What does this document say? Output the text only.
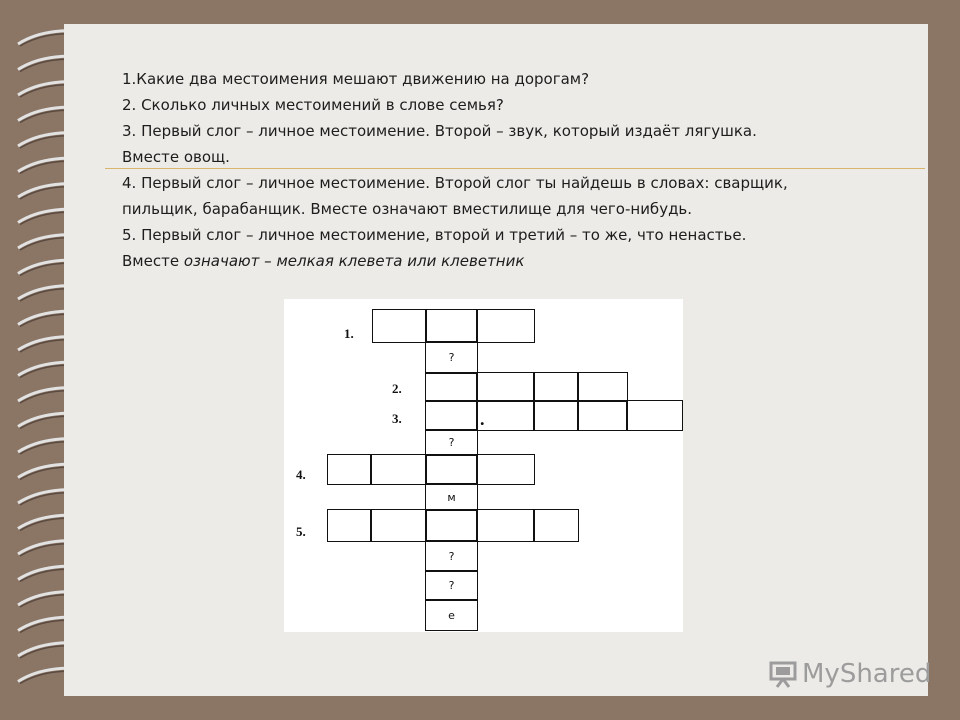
1.Какие два местоимения мешают движению на дорогам?
2. Сколько личных местоимений в слове семья?
3. Первый слог – личное местоимение. Второй – звук, который издаёт лягушка.
Вместе овощ.
4. Первый слог – личное местоимение. Второй слог ты найдешь в словах: сварщик,
пильщик, барабанщик. Вместе означают вместилище для чего-нибудь.
5. Первый слог – личное местоимение, второй и третий – то же, что ненастье.
Вместе означают – мелкая клевета или клеветник
1.
?
2.
3.	.
?
4.
м
5.
?
?
е
MyShared
